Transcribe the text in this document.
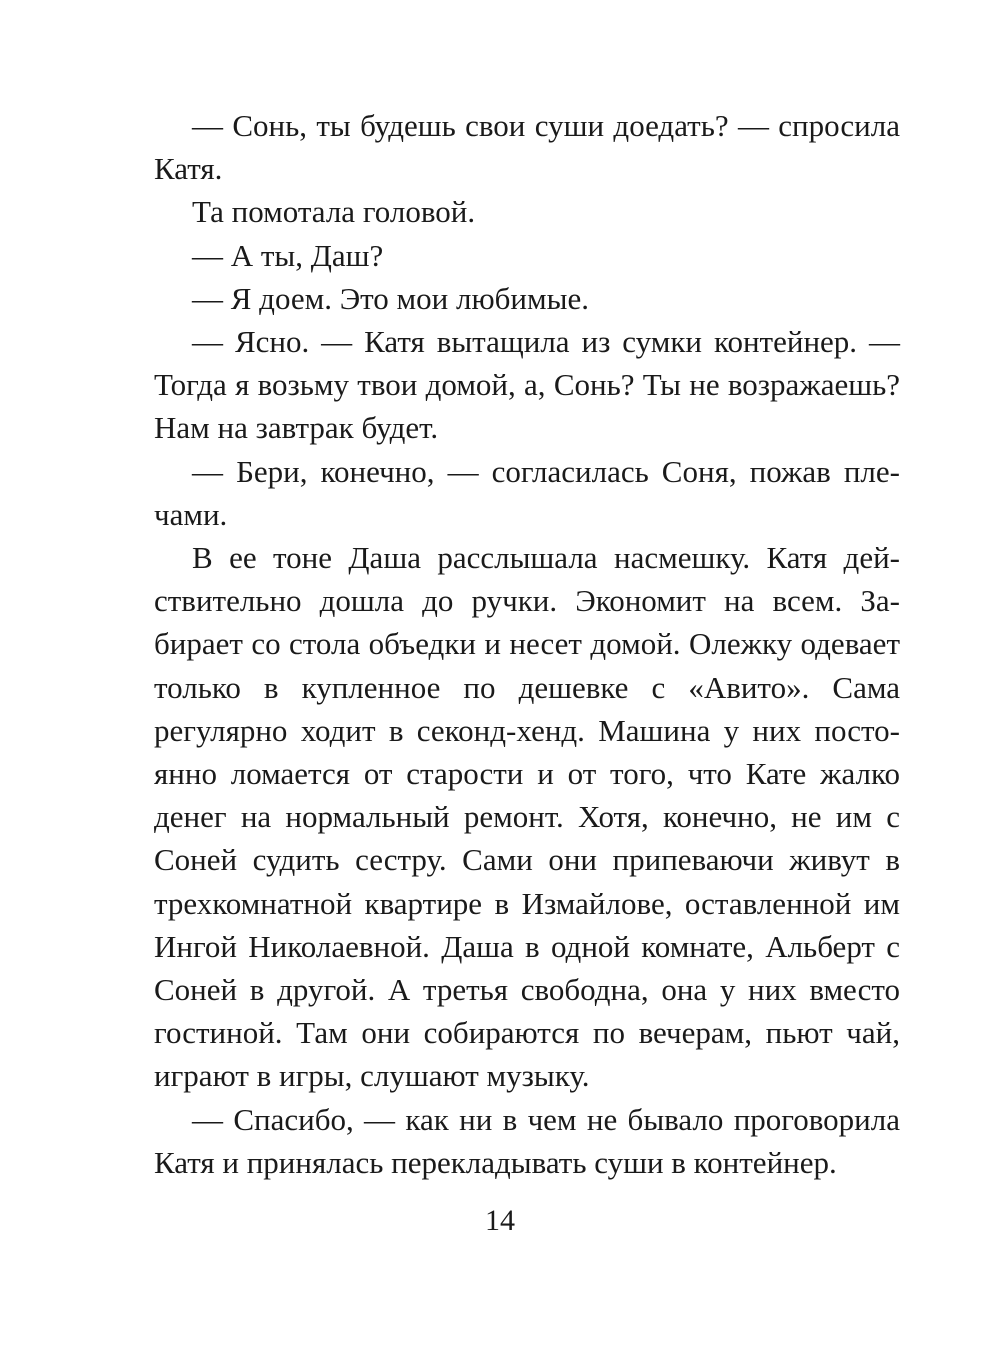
— Сонь, ты будешь свои суши доедать? — спросила Катя.

Та помотала головой.

— А ты, Даш?

— Я доем. Это мои любимые.

— Ясно. — Катя вытащила из сумки контейнер. — Тогда я возьму твои домой, а, Сонь? Ты не возражаешь? Нам на завтрак будет.

— Бери, конечно, — согласилась Соня, пожав плечами.

В ее тоне Даша расслышала насмешку. Катя действительно дошла до ручки. Экономит на всем. Забирает со стола объедки и несет домой. Олежку одевает только в купленное по дешевке с «Авито». Сама регулярно ходит в секонд-хенд. Машина у них постоянно ломается от старости и от того, что Кате жалко денег на нормальный ремонт. Хотя, конечно, не им с Соней судить сестру. Сами они припеваючи живут в трехкомнатной квартире в Измайлове, оставленной им Ингой Николаевной. Даша в одной комнате, Альберт с Соней в другой. А третья свободна, она у них вместо гостиной. Там они собираются по вечерам, пьют чай, играют в игры, слушают музыку.

— Спасибо, — как ни в чем не бывало проговорила Катя и принялась перекладывать суши в контейнер.

14
